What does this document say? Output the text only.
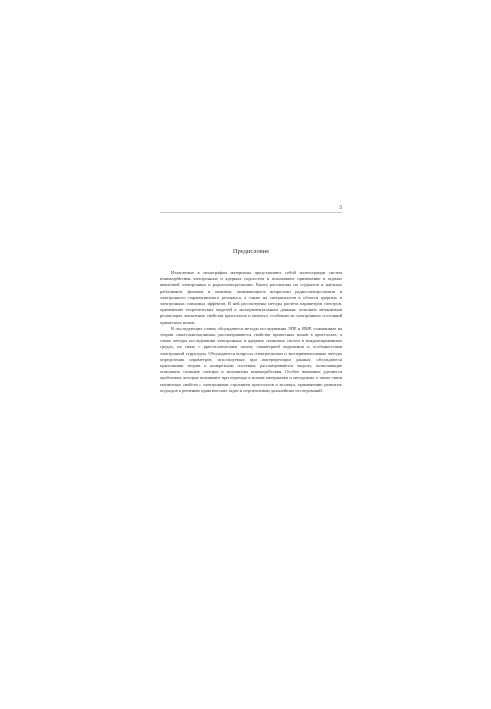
3
Предисловие

Излагаемые в монографии материалы представляют собой иллюстрации систем взаимодействия электронных и ядерных подсистем и показывают применение в задачах квантовой электроники и радиоспектроскопии. Книга рассчитана на студентов и научных работников, физиков и химиков, занимающихся вопросами радиоспектроскопии и электронного парамагнитного резонанса, а также на специалистов в области ядерных и электронных спиновых эффектов. В ней рассмотрены методы расчёта параметров спектров, применение теоретических моделей к экспериментальным данным, описание механизмов релаксации, магнитные свойства кристаллов и молекул, особенности электронных состояний примесных ионов.

В последующих главах обсуждаются методы исследования ЭПР и ЯМР, основанные на теории спин-гамильтониана, рассматриваются свойства примесных ионов в кристаллах, а также методы исследования электронных и ядерных спиновых систем в конденсированных средах, их связь с кристаллическим полем, симметрией окружения и особенностями электронной структуры. Обсуждаются вопросы спектроскопии и экспериментальные методы определения параметров, используемых при интерпретации данных; обсуждаются приложения теории к конкретным системам, рассматриваются модели, позволяющие описывать сложные спектры и механизмы взаимодействия. Особое внимание уделяется проблемам, которые возникают при переходе к новым материалам и методикам, а также связи магнитных свойств с электронным строением кристаллов и молекул, применению развитых подходов к решению практических задач и перспективам дальнейших исследований.
